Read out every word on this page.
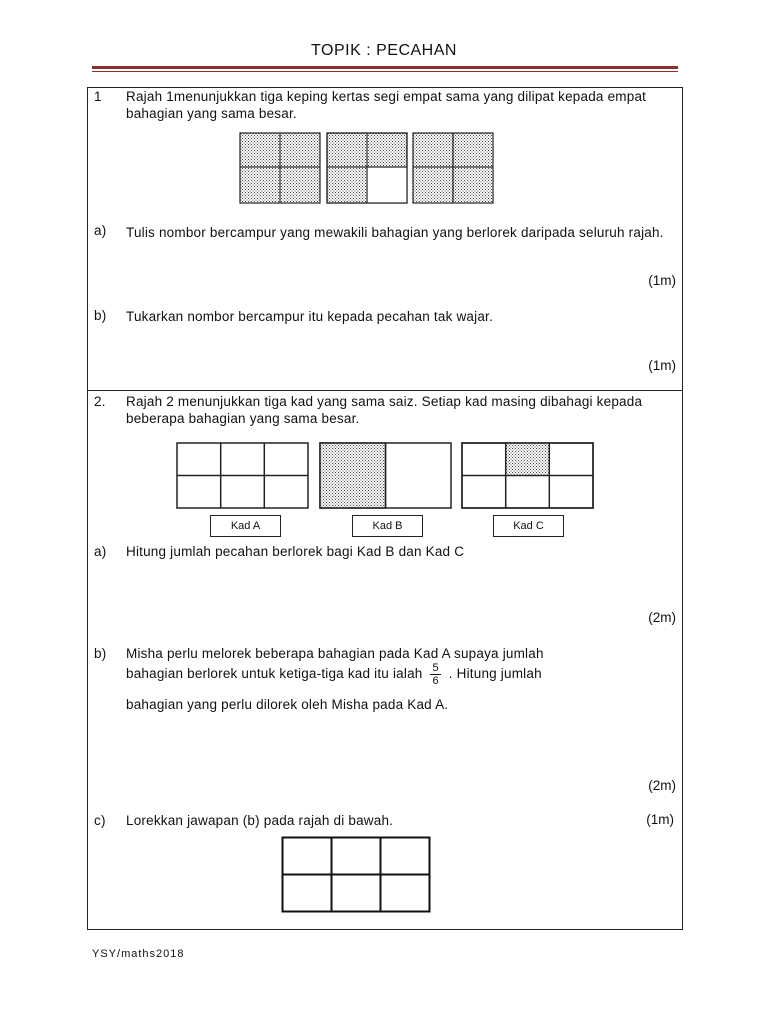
TOPIK : PECAHAN
1 Rajah 1menunjukkan tiga keping kertas segi empat sama yang dilipat kepada empat bahagian yang sama besar.
a) Tulis nombor bercampur yang mewakili bahagian yang berlorek daripada seluruh rajah.
(1m)
b) Tukarkan nombor bercampur itu kepada pecahan tak wajar.
(1m)
2. Rajah 2 menunjukkan tiga kad yang sama saiz. Setiap kad masing dibahagi kepada beberapa bahagian yang sama besar.
Kad A	Kad B	Kad C
a) Hitung jumlah pecahan berlorek bagi Kad B dan Kad C
(2m)
b) Misha perlu melorek beberapa bahagian pada Kad A supaya jumlah
bahagian berlorek untuk ketiga-tiga kad itu ialah $\frac{5}{6}$ . Hitung jumlah
bahagian yang perlu dilorek oleh Misha pada Kad A.
(2m)
c) Lorekkan jawapan (b) pada rajah di bawah.	(1m)
YSY/maths2018
